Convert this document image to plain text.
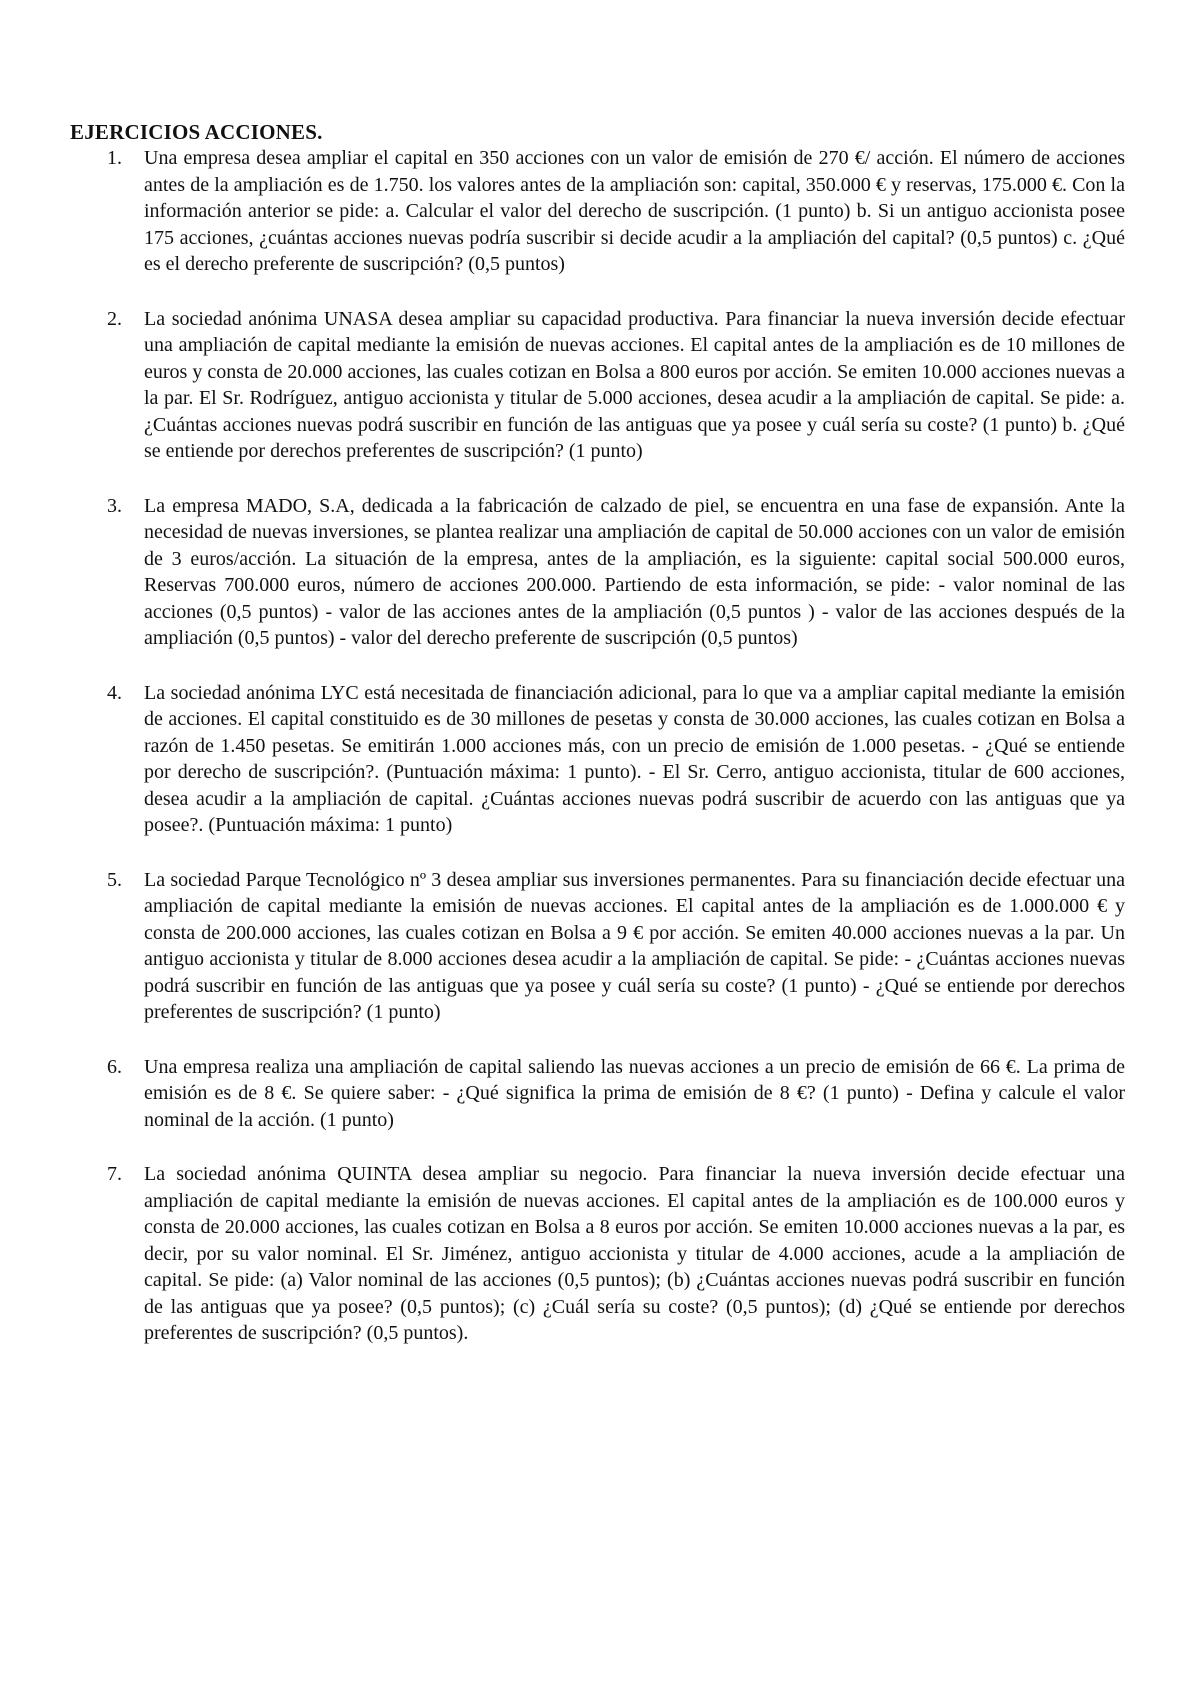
EJERCICIOS ACCIONES.
1. Una empresa desea ampliar el capital en 350 acciones con un valor de emisión de 270 €/ acción. El número de acciones antes de la ampliación es de 1.750. los valores antes de la ampliación son: capital, 350.000 € y reservas, 175.000 €. Con la información anterior se pide: a. Calcular el valor del derecho de suscripción. (1 punto) b. Si un antiguo accionista posee 175 acciones, ¿cuántas acciones nuevas podría suscribir si decide acudir a la ampliación del capital? (0,5 puntos) c. ¿Qué es el derecho preferente de suscripción? (0,5 puntos)
2. La sociedad anónima UNASA desea ampliar su capacidad productiva. Para financiar la nueva inversión decide efectuar una ampliación de capital mediante la emisión de nuevas acciones. El capital antes de la ampliación es de 10 millones de euros y consta de 20.000 acciones, las cuales cotizan en Bolsa a 800 euros por acción. Se emiten 10.000 acciones nuevas a la par. El Sr. Rodríguez, antiguo accionista y titular de 5.000 acciones, desea acudir a la ampliación de capital. Se pide: a. ¿Cuántas acciones nuevas podrá suscribir en función de las antiguas que ya posee y cuál sería su coste? (1 punto) b. ¿Qué se entiende por derechos preferentes de suscripción? (1 punto)
3. La empresa MADO, S.A, dedicada a la fabricación de calzado de piel, se encuentra en una fase de expansión. Ante la necesidad de nuevas inversiones, se plantea realizar una ampliación de capital de 50.000 acciones con un valor de emisión de 3 euros/acción. La situación de la empresa, antes de la ampliación, es la siguiente: capital social 500.000 euros, Reservas 700.000 euros, número de acciones 200.000. Partiendo de esta información, se pide: - valor nominal de las acciones (0,5 puntos) - valor de las acciones antes de la ampliación (0,5 puntos ) - valor de las acciones después de la ampliación (0,5 puntos) - valor del derecho preferente de suscripción (0,5 puntos)
4. La sociedad anónima LYC está necesitada de financiación adicional, para lo que va a ampliar capital mediante la emisión de acciones. El capital constituido es de 30 millones de pesetas y consta de 30.000 acciones, las cuales cotizan en Bolsa a razón de 1.450 pesetas. Se emitirán 1.000 acciones más, con un precio de emisión de 1.000 pesetas. - ¿Qué se entiende por derecho de suscripción?. (Puntuación máxima: 1 punto). - El Sr. Cerro, antiguo accionista, titular de 600 acciones, desea acudir a la ampliación de capital. ¿Cuántas acciones nuevas podrá suscribir de acuerdo con las antiguas que ya posee?. (Puntuación máxima: 1 punto)
5. La sociedad Parque Tecnológico nº 3 desea ampliar sus inversiones permanentes. Para su financiación decide efectuar una ampliación de capital mediante la emisión de nuevas acciones. El capital antes de la ampliación es de 1.000.000 € y consta de 200.000 acciones, las cuales cotizan en Bolsa a 9 € por acción. Se emiten 40.000 acciones nuevas a la par. Un antiguo accionista y titular de 8.000 acciones desea acudir a la ampliación de capital. Se pide: - ¿Cuántas acciones nuevas podrá suscribir en función de las antiguas que ya posee y cuál sería su coste? (1 punto) - ¿Qué se entiende por derechos preferentes de suscripción? (1 punto)
6. Una empresa realiza una ampliación de capital saliendo las nuevas acciones a un precio de emisión de 66 €. La prima de emisión es de 8 €. Se quiere saber: - ¿Qué significa la prima de emisión de 8 €? (1 punto) - Defina y calcule el valor nominal de la acción. (1 punto)
7. La sociedad anónima QUINTA desea ampliar su negocio. Para financiar la nueva inversión decide efectuar una ampliación de capital mediante la emisión de nuevas acciones. El capital antes de la ampliación es de 100.000 euros y consta de 20.000 acciones, las cuales cotizan en Bolsa a 8 euros por acción. Se emiten 10.000 acciones nuevas a la par, es decir, por su valor nominal. El Sr. Jiménez, antiguo accionista y titular de 4.000 acciones, acude a la ampliación de capital. Se pide: (a) Valor nominal de las acciones (0,5 puntos); (b) ¿Cuántas acciones nuevas podrá suscribir en función de las antiguas que ya posee? (0,5 puntos); (c) ¿Cuál sería su coste? (0,5 puntos); (d) ¿Qué se entiende por derechos preferentes de suscripción? (0,5 puntos).
